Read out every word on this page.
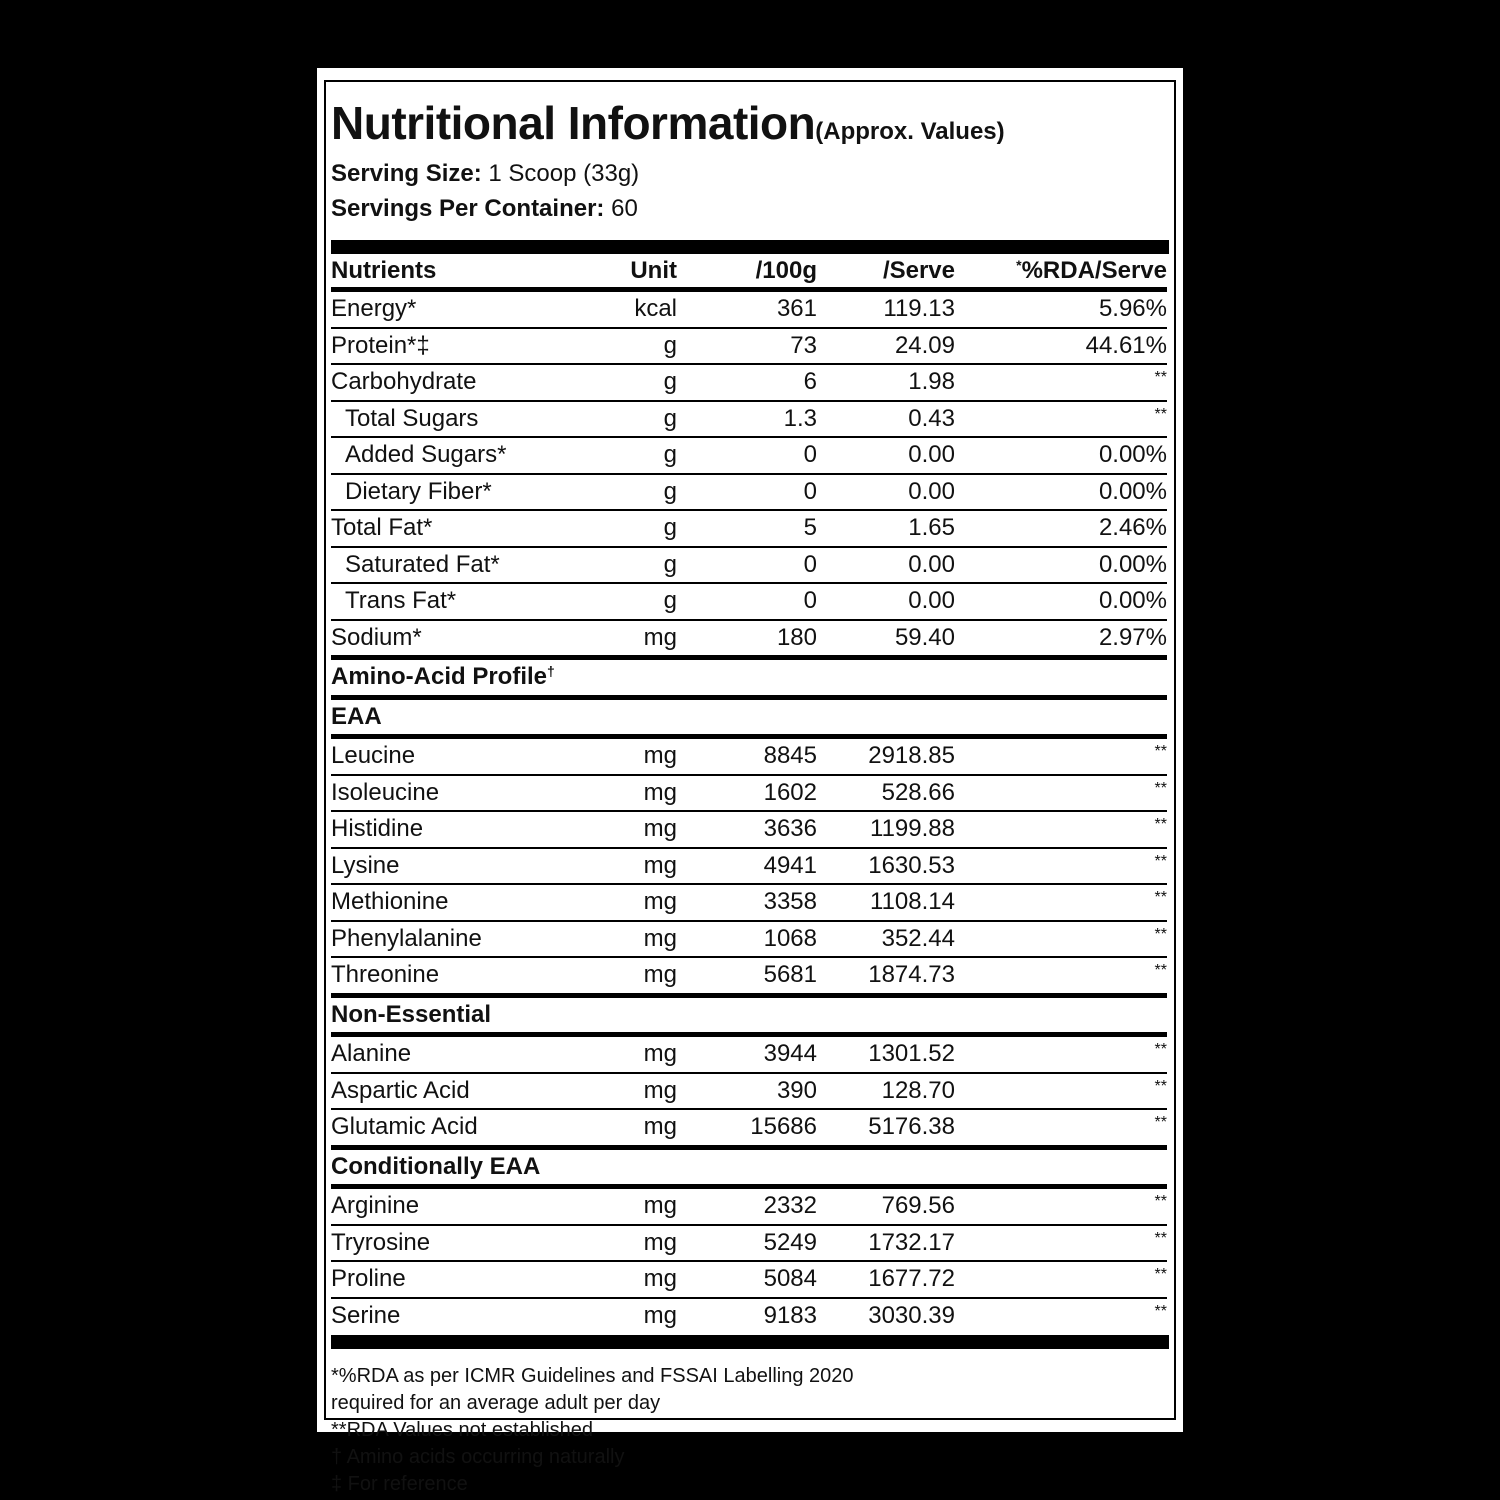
Nutritional Information(Approx. Values)
Serving Size: 1 Scoop (33g)
Servings Per Container: 60
Nutrients	Unit	/100g	/Serve	*%RDA/Serve
Energy*	kcal	361	119.13	5.96%
Protein*‡	g	73	24.09	44.61%
Carbohydrate	g	6	1.98	**
Total Sugars	g	1.3	0.43	**
Added Sugars*	g	0	0.00	0.00%
Dietary Fiber*	g	0	0.00	0.00%
Total Fat*	g	5	1.65	2.46%
Saturated Fat*	g	0	0.00	0.00%
Trans Fat*	g	0	0.00	0.00%
Sodium*	mg	180	59.40	2.97%
Amino-Acid Profile†
EAA				
Leucine	mg	8845	2918.85	**
Isoleucine	mg	1602	528.66	**
Histidine	mg	3636	1199.88	**
Lysine	mg	4941	1630.53	**
Methionine	mg	3358	1108.14	**
Phenylalanine	mg	1068	352.44	**
Threonine	mg	5681	1874.73	**
Non-Essential				
Alanine	mg	3944	1301.52	**
Aspartic Acid	mg	390	128.70	**
Glutamic Acid	mg	15686	5176.38	**
Conditionally EAA				
Arginine	mg	2332	769.56	**
Tryrosine	mg	5249	1732.17	**
Proline	mg	5084	1677.72	**
Serine	mg	9183	3030.39	**
*%RDA as per ICMR Guidelines and FSSAI Labelling 2020
required for an average adult per day
**RDA Values not established
† Amino acids occurring naturally
‡ For reference
